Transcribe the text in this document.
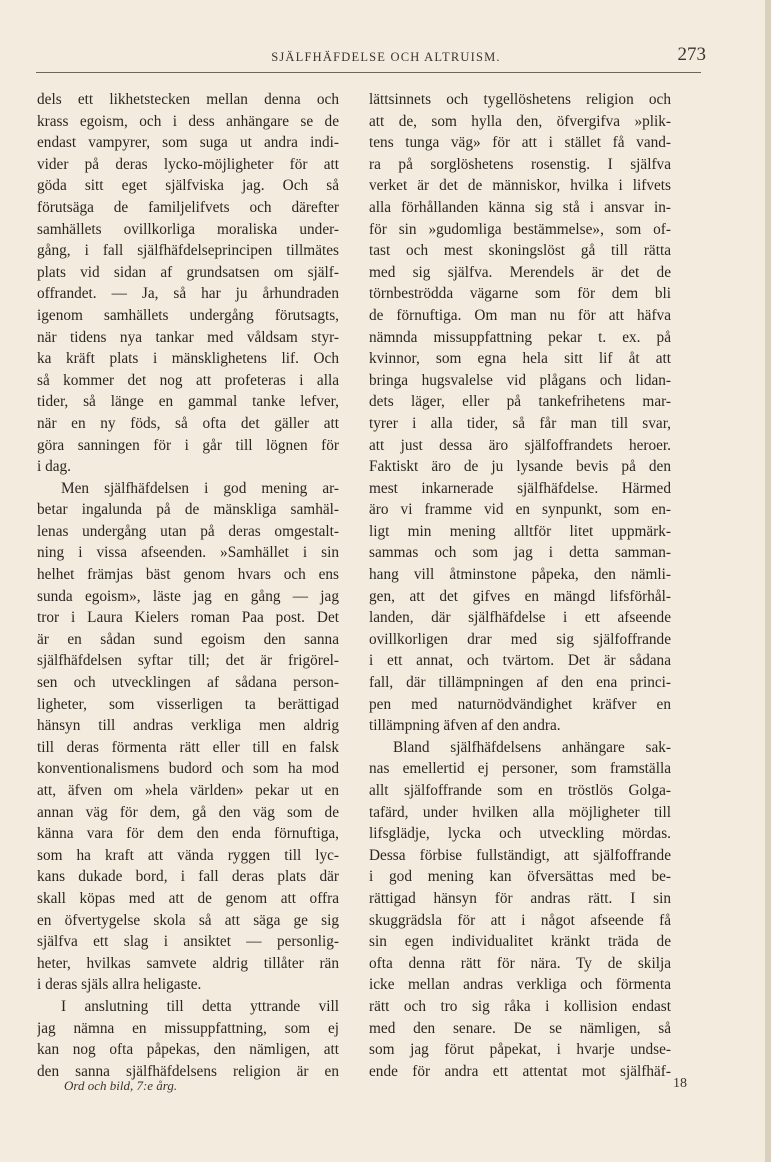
SJÄLFHÄFDELSE OCH ALTRUISM.	273
dels ett likhetstecken mellan denna och
krass egoism, och i dess anhängare se de
endast vampyrer, som suga ut andra indi-
vider på deras lycko-möjligheter för att
göda sitt eget själfviska jag. Och så
förutsäga de familjelifvets och därefter
samhällets ovillkorliga moraliska under-
gång, i fall själfhäfdelseprincipen tillmätes
plats vid sidan af grundsatsen om själf-
offrandet. — Ja, så har ju århundraden
igenom samhällets undergång förutsagts,
när tidens nya tankar med våldsam styr-
ka kräft plats i mänsklighetens lif. Och
så kommer det nog att profeteras i alla
tider, så länge en gammal tanke lefver,
när en ny föds, så ofta det gäller att
göra sanningen för i går till lögnen för
i dag.
Men själfhäfdelsen i god mening ar-
betar ingalunda på de mänskliga samhäl-
lenas undergång utan på deras omgestalt-
ning i vissa afseenden. »Samhället i sin
helhet främjas bäst genom hvars och ens
sunda egoism», läste jag en gång — jag
tror i Laura Kielers roman Paa post. Det
är en sådan sund egoism den sanna
själfhäfdelsen syftar till; det är frigörel-
sen och utvecklingen af sådana person-
ligheter, som visserligen ta berättigad
hänsyn till andras verkliga men aldrig
till deras förmenta rätt eller till en falsk
konventionalismens budord och som ha mod
att, äfven om »hela världen» pekar ut en
annan väg för dem, gå den väg som de
känna vara för dem den enda förnuftiga,
som ha kraft att vända ryggen till lyc-
kans dukade bord, i fall deras plats där
skall köpas med att de genom att offra
en öfvertygelse skola så att säga ge sig
själfva ett slag i ansiktet — personlig-
heter, hvilkas samvete aldrig tillåter rän
i deras själs allra heligaste.
I anslutning till detta yttrande vill
jag nämna en missuppfattning, som ej
kan nog ofta påpekas, den nämligen, att
den sanna själfhäfdelsens religion är en
lättsinnets och tygellöshetens religion och
att de, som hylla den, öfvergifva »plik-
tens tunga väg» för att i stället få vand-
ra på sorglöshetens rosenstig. I själfva
verket är det de människor, hvilka i lifvets
alla förhållanden känna sig stå i ansvar in-
för sin »gudomliga bestämmelse», som of-
tast och mest skoningslöst gå till rätta
med sig själfva. Merendels är det de
törnbeströdda vägarne som för dem bli
de förnuftiga. Om man nu för att häfva
nämnda missuppfattning pekar t. ex. på
kvinnor, som egna hela sitt lif åt att
bringa hugsvalelse vid plågans och lidan-
dets läger, eller på tankefrihetens mar-
tyrer i alla tider, så får man till svar,
att just dessa äro själfoffrandets heroer.
Faktiskt äro de ju lysande bevis på den
mest inkarnerade själfhäfdelse. Härmed
äro vi framme vid en synpunkt, som en-
ligt min mening alltför litet uppmärk-
sammas och som jag i detta samman-
hang vill åtminstone påpeka, den nämli-
gen, att det gifves en mängd lifsförhål-
landen, där själfhäfdelse i ett afseende
ovillkorligen drar med sig själfoffrande
i ett annat, och tvärtom. Det är sådana
fall, där tillämpningen af den ena princi-
pen med naturnödvändighet kräfver en
tillämpning äfven af den andra.
Bland själfhäfdelsens anhängare sak-
nas emellertid ej personer, som framställa
allt själfoffrande som en tröstlös Golga-
tafärd, under hvilken alla möjligheter till
lifsglädje, lycka och utveckling mördas.
Dessa förbise fullständigt, att själfoffrande
i god mening kan öfversättas med be-
rättigad hänsyn för andras rätt. I sin
skuggrädsla för att i något afseende få
sin egen individualitet kränkt träda de
ofta denna rätt för nära. Ty de skilja
icke mellan andras verkliga och förmenta
rätt och tro sig råka i kollision endast
med den senare. De se nämligen, så
som jag förut påpekat, i hvarje undse-
ende för andra ett attentat mot själfhäf-
Ord och bild, 7:e årg.	18
